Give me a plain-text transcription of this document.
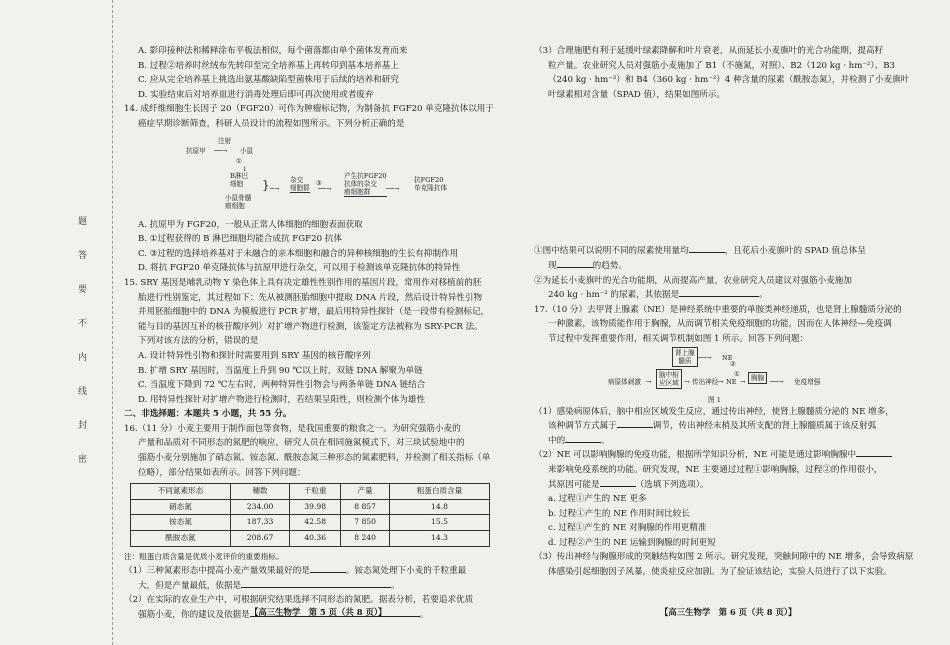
题
答
要
不
内
线
封
密
A. 影印接种法和稀释涂布平板法相似，每个菌落都由单个菌体发育而来
B. 过程②培养时丝绒布先转印至完全培养基上再转印到基本培养基上
C. 应从完全培养基上挑选出氨基酸缺陷型菌株用于后续的培养和研究
D. 实验结束后对培养皿进行消毒处理后即可再次使用或者废弃
14. 成纤维细胞生长因子 20（FGF20）可作为肿瘤标记物，为制备抗 FGF20 单克隆抗体以用于
癌症早期诊断筛查，科研人员设计的流程如图所示。下列分析正确的是
抗原甲
注射
──→ 小鼠
①
↓
B淋巴
细胞
小鼠骨髓
瘤细胞
} ─→
杂交
细胞群
③
──→
产生抗FGF20
抗体的杂交
瘤细胞群	──→
抗FGF20
单克隆抗体
A. 抗原甲为 FGF20，一般从正常人体细胞的细胞表面获取
B. ①过程获得的 B 淋巴细胞均能合成抗 FGF20 抗体
C. ③过程的选择培养基对于未融合的亲本细胞和融合的异种核细胞的生长有抑制作用
D. 将抗 FGF20 单克隆抗体与抗原甲进行杂交，可以用于检测该单克隆抗体的特异性
15. SRY 基因是哺乳动物 Y 染色体上具有决定雄性性别作用的基因片段，常用作对移植前的胚
胎进行性别鉴定，其过程如下：先从被测胚胎细胞中提取 DNA 片段，然后设计特异性引物
并用胚胎细胞中的 DNA 为模板进行 PCR 扩增，最后用特异性探针（是一段带有检测标记，
能与目的基因互补的核苷酸序列）对扩增产物进行检测，该鉴定方法被称为 SRY-PCR 法。
下列对该方法的分析，错误的是
A. 设计特异性引物和探针时需要用到 SRY 基因的核苷酸序列
B. 扩增 SRY 基因时，当温度上升到 90 ℃以上时，双链 DNA 解聚为单链
C. 当温度下降到 72 ℃左右时，两种特异性引物会与两条单链 DNA 链结合
D. 用特异性探针对扩增产物进行检测时，若结果呈阳性，则检测个体为雄性
二、非选择题：本题共 5 小题，共 55 分。
16.（11 分）小麦主要用于制作面包等食物，是我国重要的粮食之一。为研究强筋小麦的
产量和品质对不同形态的氮肥的响应，研究人员在相同施氮模式下，对三块试验地中的
强筋小麦分别施加了硝态氮、铵态氮、酰胺态氮三种形态的氮素肥料，并检测了相关指标（单
位略），部分结果如表所示。回答下列问题：
不同氮素形态	穗数	千粒重	产量	粗蛋白质含量
硝态氮	234.00	39.98	8 857	14.8
铵态氮	187.33	42.58	7 850	15.5
酰胺态氮	208.67	40.36	8 240	14.3
注：粗蛋白质含量是优质小麦评价的重要指标。
（1）三种氮素形态中提高小麦产量效果最好的是	。铵态氮处理下小麦的千粒重最
大，但是产量最低，依据是	。
（2）在实际的农业生产中，可根据研究结果选择不同形态的氮肥。据表分析，若要追求优质
强筋小麦，你的建议及依据是	。
【高三生物学　第 5 页（共 8 页）】
（3）合理施肥有利于延缓叶绿素降解和叶片衰老，从而延长小麦旗叶的光合功能期，提高籽
粒产量。农业研究人员对强筋小麦施加了 B1（不施氮，对照）、B2（120 kg · hm⁻²）、B3
（240 kg · hm⁻²）和 B4（360 kg · hm⁻²）4 种含量的尿素（酰胺态氮），并检测了小麦旗叶
叶绿素相对含量（SPAD 值），结果如图所示。
①图中结果可以说明不同的尿素使用量均	，且花后小麦旗叶的 SPAD 值总体呈
现	的趋势。
②为延长小麦旗叶的光合功能期，从而提高产量，农业研究人员建议对强筋小麦施加
240 kg · hm⁻² 的尿素，其依据是	。
17.（10 分）去甲肾上腺素（NE）是神经系统中重要的单胺类神经递质，也是肾上腺髓质分泌的
一种激素，该物质能作用于胸腺，从而调节相关免疫细胞的功能，因而在人体神经—免疫调
节过程中发挥重要作用，相关调节机制如图 1 所示。回答下列问题：
肾上腺
髓质 ──→ NE
②
病原体刺激 →
脑中相
应区域 → 传出神经 → NE
①
→ 胸腺 ──→ 免疫增强
图 1
（1）感染病原体后，脑中相应区域发生反应，通过传出神经，使肾上腺髓质分泌的 NE 增多，
该种调节方式属于	调节，传出神经末梢及其所支配的肾上腺髓质属于该反射弧
中的	。
（2）NE 可以影响胸腺的免疫功能，根据所学知识分析，NE 可能是通过影响胸腺中
来影响免疫系统的功能。研究发现，NE 主要通过过程①影响胸腺，过程②的作用很小，
其原因可能是	（选填下列选项）。
a. 过程①产生的 NE 更多
b. 过程①产生的 NE 作用时间比较长
c. 过程①产生的 NE 对胸腺的作用更精准
d. 过程②产生的 NE 运输到胸腺的时间更短
（3）传出神经与胸腺形成的突触结构如图 2 所示。研究发现，突触间隙中的 NE 增多，会导致病原
体感染引起细胞因子风暴，使炎症反应加剧。为了验证该结论，实验人员进行了以下实验。
【高三生物学　第 6 页（共 8 页）】
